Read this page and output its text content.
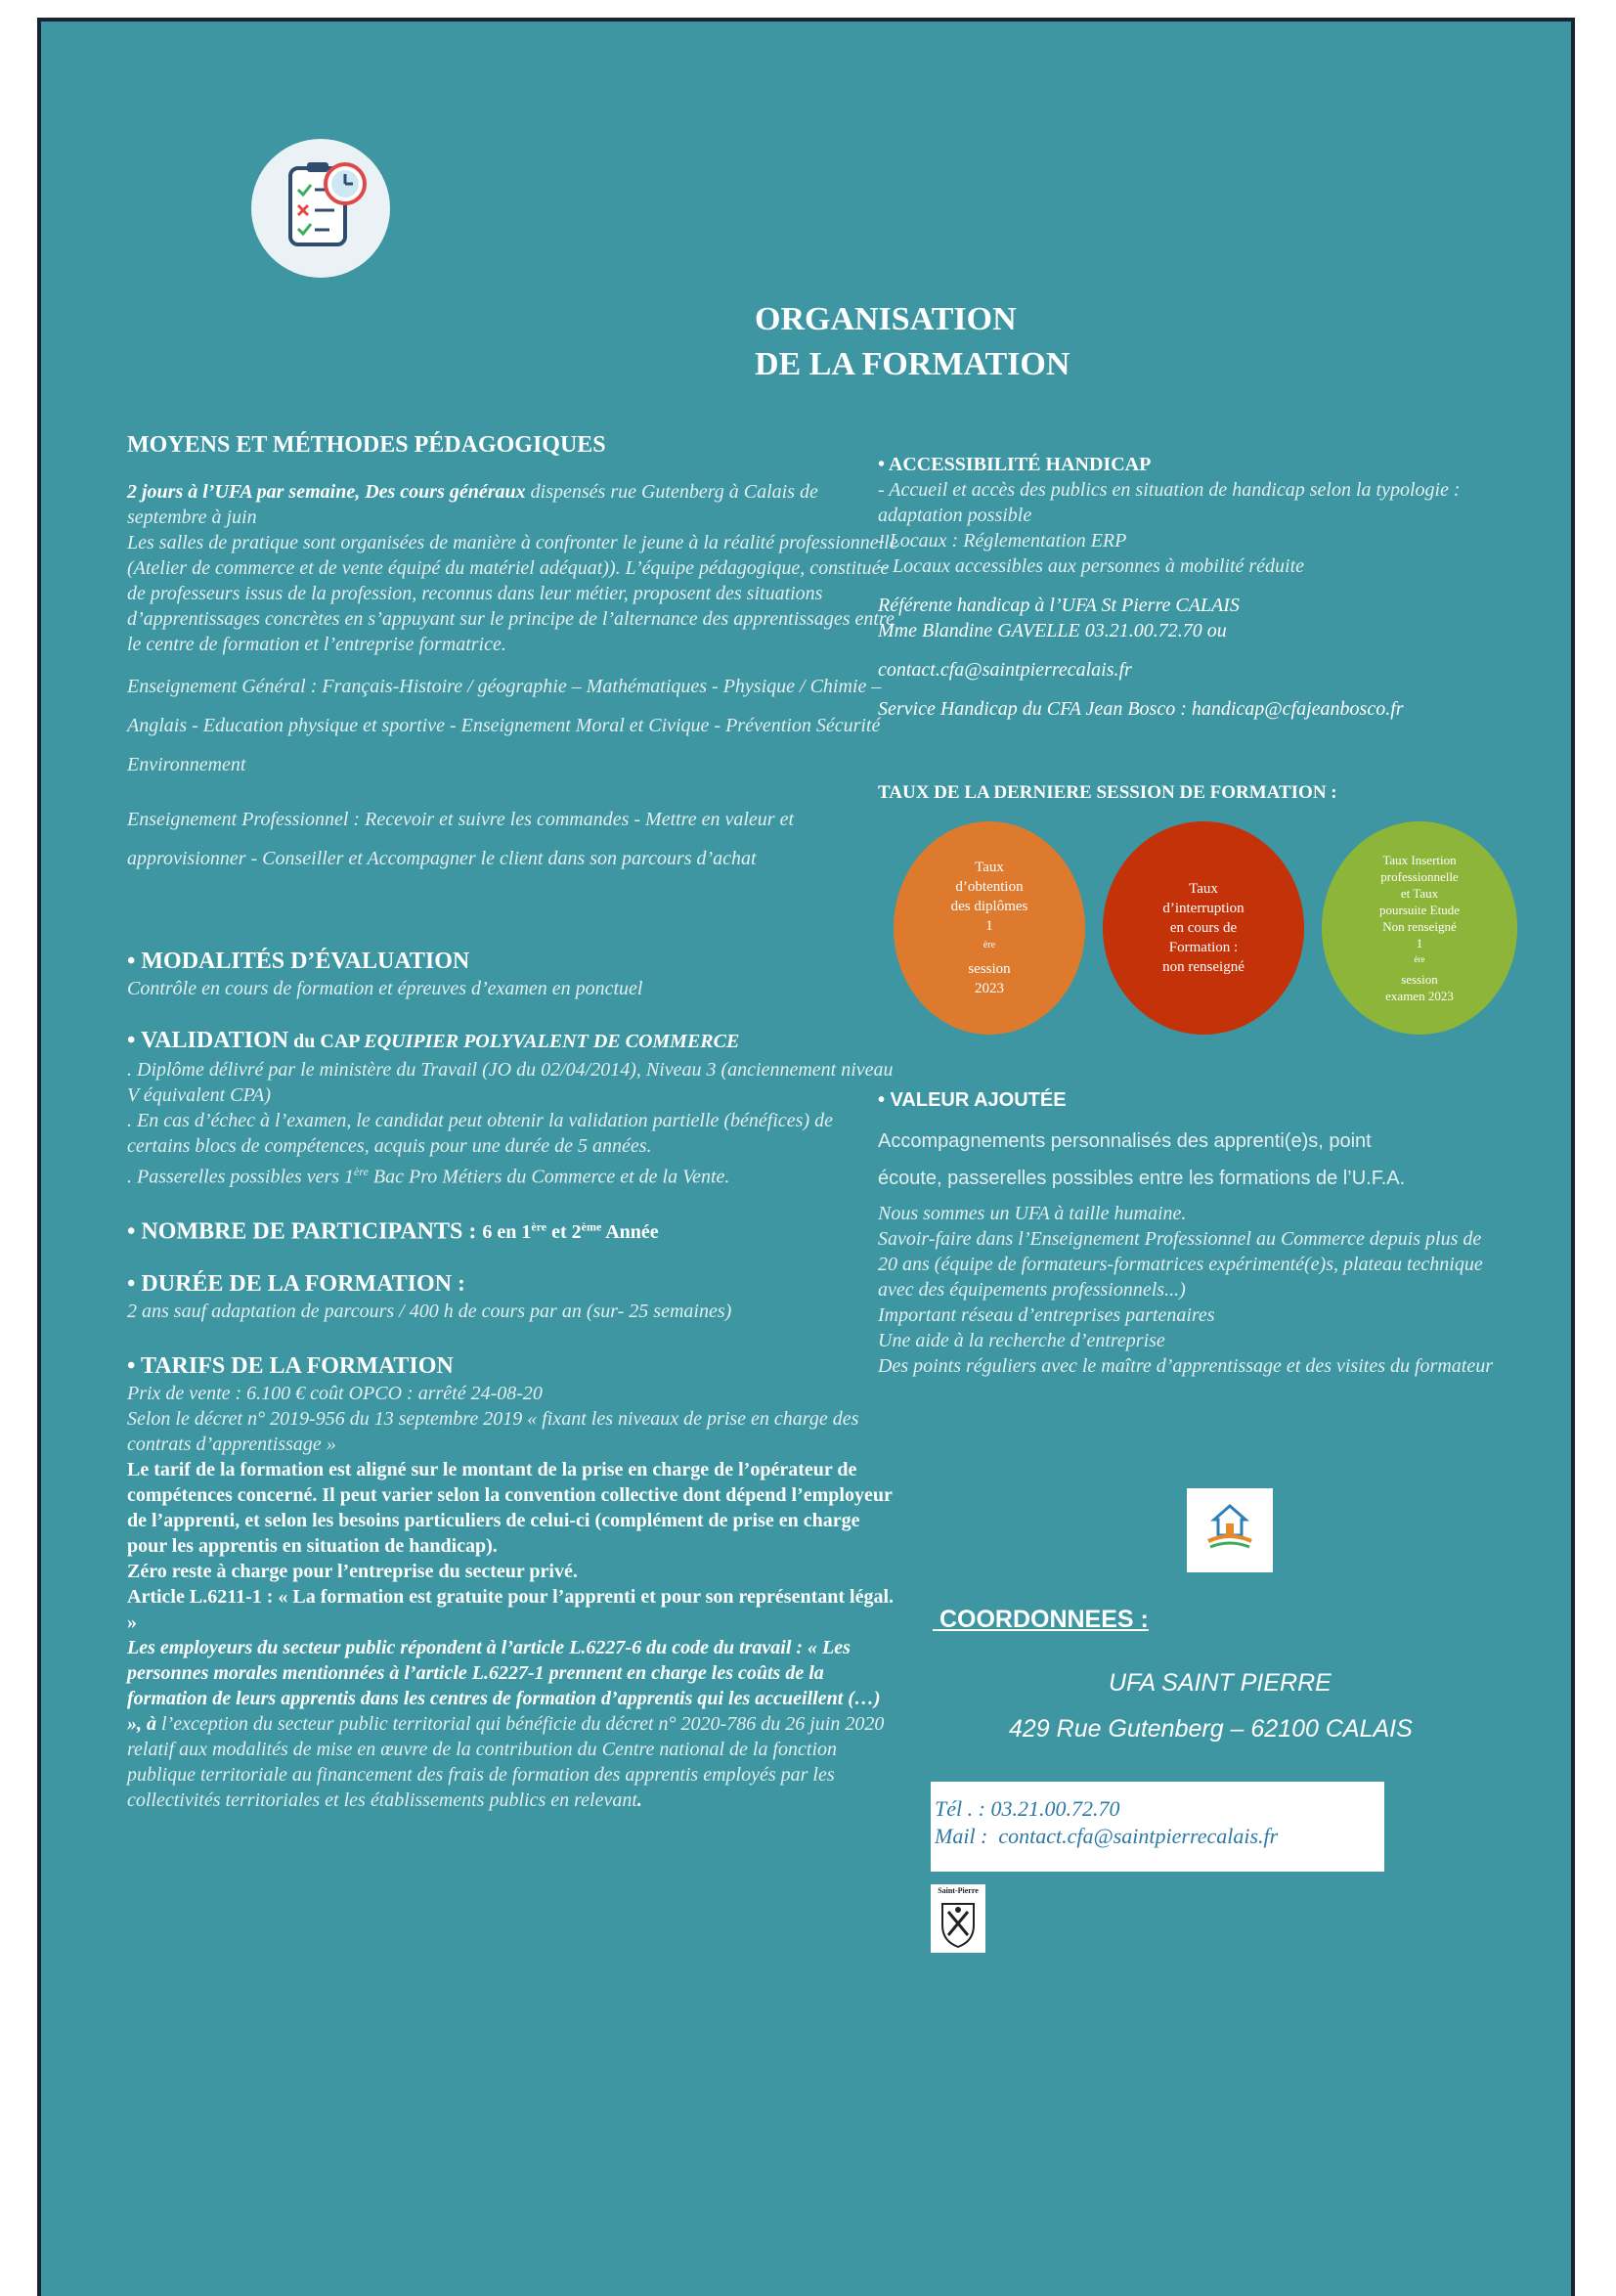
ORGANISATION
DE LA FORMATION
MOYENS ET MÉTHODES PÉDAGOGIQUES

2 jours à l’UFA par semaine, Des cours généraux dispensés rue Gutenberg à Calais de septembre à juin

Les salles de pratique sont organisées de manière à confronter le jeune à la réalité professionnelle (Atelier de commerce et de vente équipé du matériel adéquat)). L’équipe pédagogique, constituée de professeurs issus de la profession, reconnus dans leur métier, proposent des situations d’apprentissages concrètes en s’appuyant sur le principe de l’alternance des apprentissages entre le centre de formation et l’entreprise formatrice.

Enseignement Général : Français-Histoire / géographie – Mathématiques - Physique / Chimie – Anglais - Education physique et sportive - Enseignement Moral et Civique - Prévention Sécurité Environnement

Enseignement Professionnel : Recevoir et suivre les commandes - Mettre en valeur et approvisionner - Conseiller et Accompagner le client dans son parcours d’achat

• MODALITÉS D’ÉVALUATION

Contrôle en cours de formation et épreuves d’examen en ponctuel

• VALIDATION du CAP EQUIPIER POLYVALENT DE COMMERCE

. Diplôme délivré par le ministère du Travail (JO du 02/04/2014), Niveau 3 (anciennement niveau V équivalent CPA)

. En cas d’échec à l’examen, le candidat peut obtenir la validation partielle (bénéfices) de certains blocs de compétences, acquis pour une durée de 5 années.

. Passerelles possibles vers 1ère Bac Pro Métiers du Commerce et de la Vente.

• NOMBRE DE PARTICIPANTS : 6 en 1ère et 2ème Année
• DURÉE DE LA FORMATION :

2 ans sauf adaptation de parcours / 400 h de cours par an (sur- 25 semaines)

• TARIFS DE LA FORMATION

Prix de vente : 6.100 € coût OPCO : arrêté 24-08-20

Selon le décret n° 2019-956 du 13 septembre 2019 « fixant les niveaux de prise en charge des contrats d’apprentissage »

Le tarif de la formation est aligné sur le montant de la prise en charge de l’opérateur de compétences concerné. Il peut varier selon la convention collective dont dépend l’employeur de l’apprenti, et selon les besoins particuliers de celui-ci (complément de prise en charge pour les apprentis en situation de handicap).

Zéro reste à charge pour l’entreprise du secteur privé.

Article L.6211-1 : « La formation est gratuite pour l’apprenti et pour son représentant légal. »

Les employeurs du secteur public répondent à l’article L.6227-6 du code du travail : « Les personnes morales mentionnées à l’article L.6227-1 prennent en charge les coûts de la formation de leurs apprentis dans les centres de formation d’apprentis qui les accueillent (…) », à l’exception du secteur public territorial qui bénéficie du décret n° 2020-786 du 26 juin 2020 relatif aux modalités de mise en œuvre de la contribution du Centre national de la fonction publique territoriale au financement des frais de formation des apprentis employés par les collectivités territoriales et les établissements publics en relevant.

• ACCESSIBILITÉ HANDICAP

- Accueil et accès des publics en situation de handicap selon la typologie : adaptation possible

- Locaux : Réglementation ERP

– Locaux accessibles aux personnes à mobilité réduite

Référente handicap à l’UFA St Pierre CALAIS

Mme Blandine GAVELLE 03.21.00.72.70 ou

contact.cfa@saintpierrecalais.fr

Service Handicap du CFA Jean Bosco : handicap@cfajeanbosco.fr

TAUX DE LA DERNIERE SESSION DE FORMATION :
Taux
d’obtention
des diplômes
1
$^{ère}$
session
2023
Taux
d’interruption
en cours de
Formation :
non renseigné
Taux Insertion
professionnelle
et Taux
poursuite Etude
Non renseigné
1
$^{ère}$
session
examen 2023
• VALEUR AJOUTÉE

Accompagnements personnalisés des apprenti(e)s, point

écoute, passerelles possibles entre les formations de l’U.F.A.

Nous sommes un UFA à taille humaine.

Savoir-faire dans l’Enseignement Professionnel au Commerce depuis plus de 20 ans (équipe de formateurs-formatrices expérimenté(e)s, plateau technique avec des équipements professionnels...)

Important réseau d’entreprises partenaires

Une aide à la recherche d’entreprise

Des points réguliers avec le maître d’apprentissage et des visites du formateur

COORDONNEES :
UFA SAINT PIERRE
429 Rue Gutenberg – 62100 CALAIS
Tél . : 03.21.00.72.70
Mail :  contact.cfa@saintpierrecalais.fr
Saint-Pierre
